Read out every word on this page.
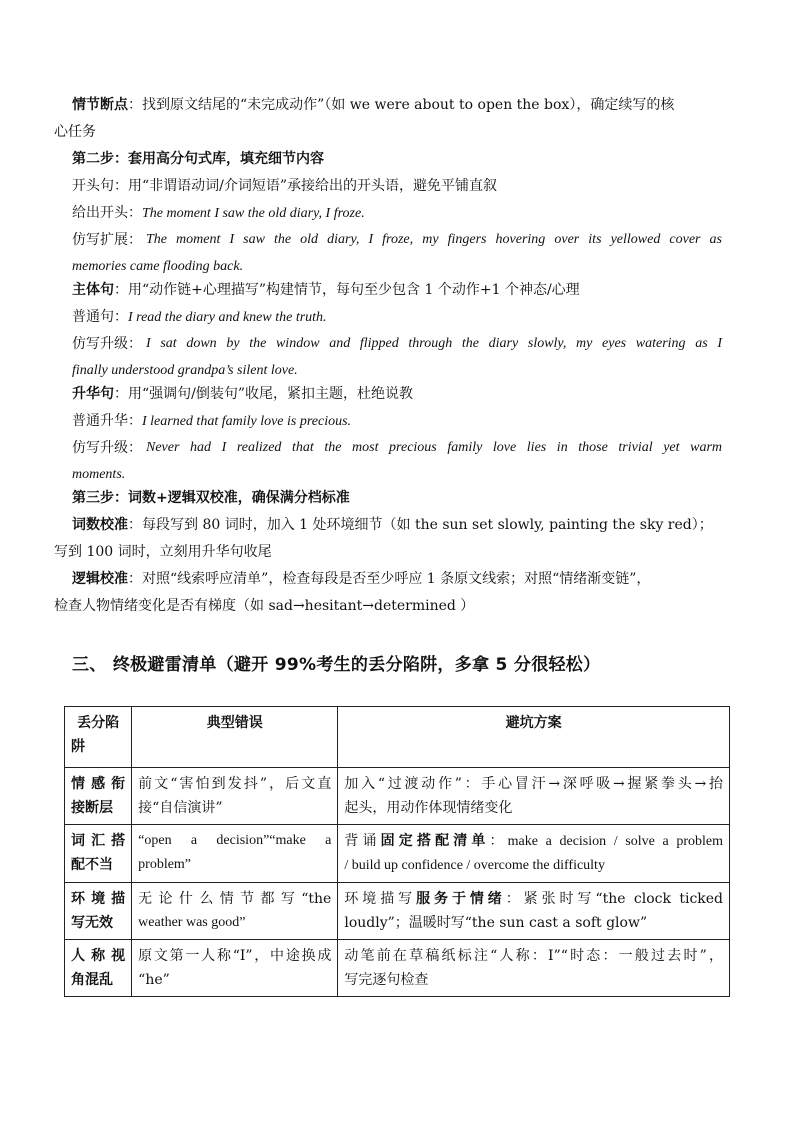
情节断点：找到原文结尾的“未完成动作”（如 we were about to open the box），确定续写的核
心任务
第二步：套用高分句式库，填充细节内容
开头句：用“非谓语动词/介词短语”承接给出的开头语，避免平铺直叙
给出开头：The moment I saw the old diary, I froze.
仿写扩展： The moment I saw the old diary, I froze, my fingers hovering over its yellowed cover as
memories came flooding back.
主体句：用“动作链+心理描写”构建情节，每句至少包含 1 个动作+1 个神态/心理
普通句：I read the diary and knew the truth.
仿写升级： I sat down by the window and flipped through the diary slowly, my eyes watering as I
finally understood grandpa’s silent love.
升华句：用“强调句/倒装句”收尾，紧扣主题，杜绝说教
普通升华：I learned that family love is precious.
仿写升级： Never had I realized that the most precious family love lies in those trivial yet warm
moments.
第三步：词数+逻辑双校准，确保满分档标准
词数校准：每段写到 80 词时，加入 1 处环境细节（如 the sun set slowly, painting the sky red）；
写到 100 词时，立刻用升华句收尾
逻辑校准：对照“线索呼应清单”，检查每段是否至少呼应 1 条原文线索；对照“情绪渐变链”，
检查人物情绪变化是否有梯度（如 sad→hesitant→determined ）
三、 终极避雷清单（避开 99%考生的丢分陷阱，多拿 5 分很轻松）
丢分陷
阱	典型错误	避坑方案

情感衔
接断层	前文“害怕到发抖”，后文直
接“自信演讲”	加入“过渡动作”：手心冒汗→深呼吸→握紧拳头→抬
起头，用动作体现情绪变化

词汇搭
配不当	“open a decision”“make a
problem”	背诵固定搭配清单：make a decision / solve a problem
/ build up confidence / overcome the difficulty

环境描
写无效	无论什么情节都写“the
weather was good”	环境描写服务于情绪：紧张时写“the clock ticked
loudly”；温暖时写“the sun cast a soft glow”

人称视
角混乱	原文第一人称“I”，中途换成
“he”	动笔前在草稿纸标注“人称：I”“时态：一般过去时”，
写完逐句检查
